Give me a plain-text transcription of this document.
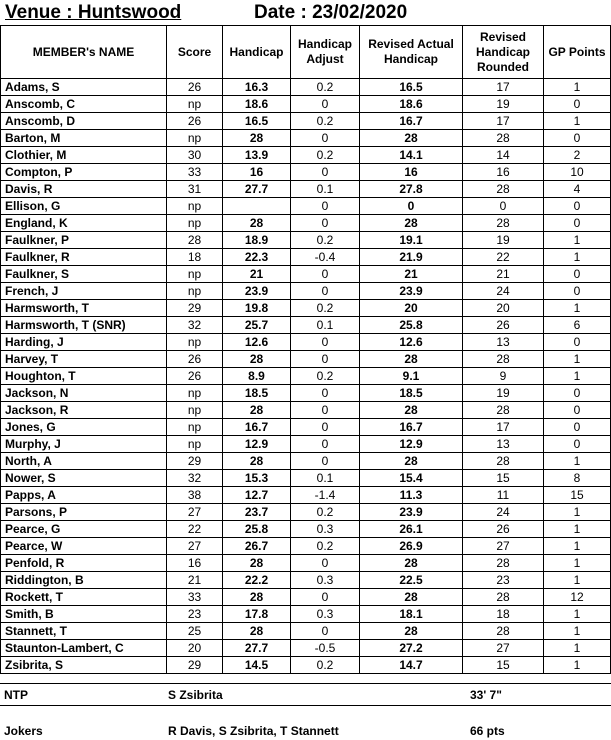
Venue : Huntswood	Date : 23/02/2020
MEMBER's NAME	Score	Handicap	Handicap Adjust	Revised Actual Handicap	Revised Handicap Rounded	GP Points
Adams, S	26	16.3	0.2	16.5	17	1
Anscomb, C	np	18.6	0	18.6	19	0
Anscomb, D	26	16.5	0.2	16.7	17	1
Barton, M	np	28	0	28	28	0
Clothier, M	30	13.9	0.2	14.1	14	2
Compton, P	33	16	0	16	16	10
Davis, R	31	27.7	0.1	27.8	28	4
Ellison, G	np		0	0	0	0
England, K	np	28	0	28	28	0
Faulkner, P	28	18.9	0.2	19.1	19	1
Faulkner, R	18	22.3	-0.4	21.9	22	1
Faulkner, S	np	21	0	21	21	0
French, J	np	23.9	0	23.9	24	0
Harmsworth, T	29	19.8	0.2	20	20	1
Harmsworth, T (SNR)	32	25.7	0.1	25.8	26	6
Harding, J	np	12.6	0	12.6	13	0
Harvey, T	26	28	0	28	28	1
Houghton, T	26	8.9	0.2	9.1	9	1
Jackson, N	np	18.5	0	18.5	19	0
Jackson, R	np	28	0	28	28	0
Jones, G	np	16.7	0	16.7	17	0
Murphy, J	np	12.9	0	12.9	13	0
North, A	29	28	0	28	28	1
Nower, S	32	15.3	0.1	15.4	15	8
Papps, A	38	12.7	-1.4	11.3	11	15
Parsons, P	27	23.7	0.2	23.9	24	1
Pearce, G	22	25.8	0.3	26.1	26	1
Pearce, W	27	26.7	0.2	26.9	27	1
Penfold, R	16	28	0	28	28	1
Riddington, B	21	22.2	0.3	22.5	23	1
Rockett, T	33	28	0	28	28	12
Smith, B	23	17.8	0.3	18.1	18	1
Stannett, T	25	28	0	28	28	1
Staunton-Lambert, C	20	27.7	-0.5	27.2	27	1
Zsibrita, S	29	14.5	0.2	14.7	15	1
NTP	S Zsibrita	33' 7"
Jokers	R Davis, S Zsibrita, T Stannett	66 pts
